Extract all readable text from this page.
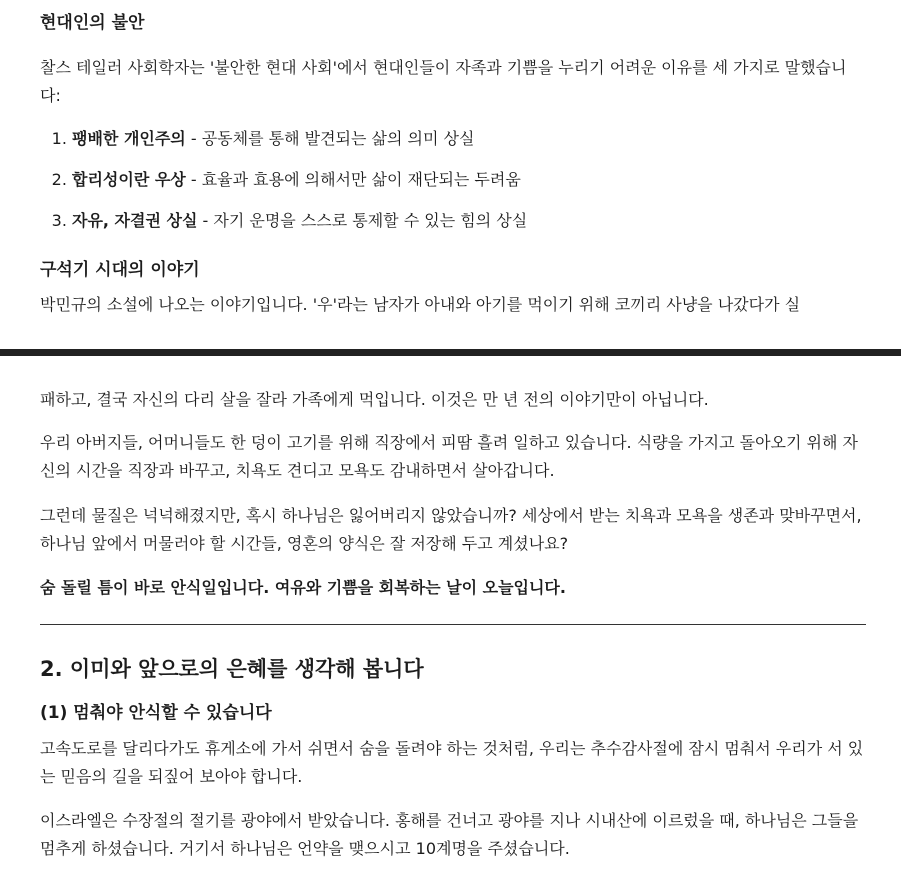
현대인의 불안

찰스 테일러 사회학자는 '불안한 현대 사회'에서 현대인들이 자족과 기쁨을 누리기 어려운 이유를 세 가지로 말했습니다:

1. 팽배한 개인주의 - 공동체를 통해 발견되는 삶의 의미 상실
2. 합리성이란 우상 - 효율과 효용에 의해서만 삶이 재단되는 두려움
3. 자유, 자결권 상실 - 자기 운명을 스스로 통제할 수 있는 힘의 상실
구석기 시대의 이야기

박민규의 소설에 나오는 이야기입니다. '우'라는 남자가 아내와 아기를 먹이기 위해 코끼리 사냥을 나갔다가 실

패하고, 결국 자신의 다리 살을 잘라 가족에게 먹입니다. 이것은 만 년 전의 이야기만이 아닙니다.

우리 아버지들, 어머니들도 한 덩이 고기를 위해 직장에서 피땀 흘려 일하고 있습니다. 식량을 가지고 돌아오기 위해 자신의 시간을 직장과 바꾸고, 치욕도 견디고 모욕도 감내하면서 살아갑니다.

그런데 물질은 넉넉해졌지만, 혹시 하나님은 잃어버리지 않았습니까? 세상에서 받는 치욕과 모욕을 생존과 맞바꾸면서, 하나님 앞에서 머물러야 할 시간들, 영혼의 양식은 잘 저장해 두고 계셨나요?

숨 돌릴 틈이 바로 안식일입니다. 여유와 기쁨을 회복하는 날이 오늘입니다.

2. 이미와 앞으로의 은혜를 생각해 봅니다
(1) 멈춰야 안식할 수 있습니다

고속도로를 달리다가도 휴게소에 가서 쉬면서 숨을 돌려야 하는 것처럼, 우리는 추수감사절에 잠시 멈춰서 우리가 서 있는 믿음의 길을 되짚어 보아야 합니다.

이스라엘은 수장절의 절기를 광야에서 받았습니다. 홍해를 건너고 광야를 지나 시내산에 이르렀을 때, 하나님은 그들을 멈추게 하셨습니다. 거기서 하나님은 언약을 맺으시고 10계명을 주셨습니다.
